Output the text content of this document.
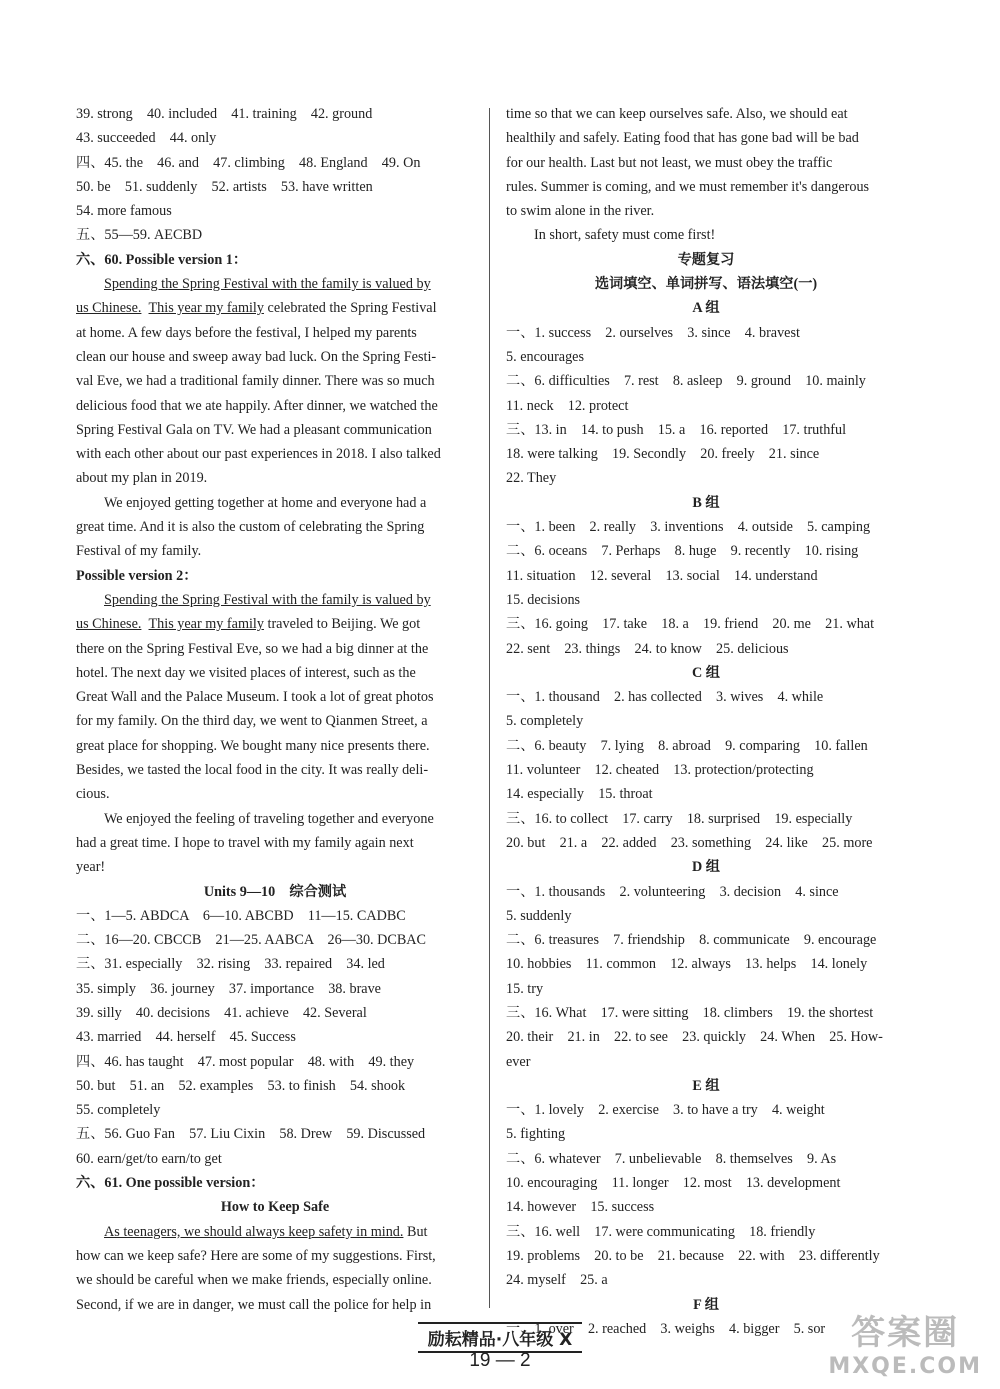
39. strong　40. included　41. training　42. ground
43. succeeded　44. only
四、45. the　46. and　47. climbing　48. England　49. On
50. be　51. suddenly　52. artists　53. have written
54. more famous
五、55—59. AECBD
六、60. Possible version 1：
Spending the Spring Festival with the family is valued by
us Chinese. This year my family celebrated the Spring Festival
at home. A few days before the festival, I helped my parents
clean our house and sweep away bad luck. On the Spring Festi-
val Eve, we had a traditional family dinner. There was so much
delicious food that we ate happily. After dinner, we watched the
Spring Festival Gala on TV. We had a pleasant communication
with each other about our past experiences in 2018. I also talked
about my plan in 2019.
We enjoyed getting together at home and everyone had a
great time. And it is also the custom of celebrating the Spring
Festival of my family.
Possible version 2：
Spending the Spring Festival with the family is valued by
us Chinese. This year my family traveled to Beijing. We got
there on the Spring Festival Eve, so we had a big dinner at the
hotel. The next day we visited places of interest, such as the
Great Wall and the Palace Museum. I took a lot of great photos
for my family. On the third day, we went to Qianmen Street, a
great place for shopping. We bought many nice presents there.
Besides, we tasted the local food in the city. It was really deli-
cious.
We enjoyed the feeling of traveling together and everyone
had a great time. I hope to travel with my family again next
year!
Units 9—10　综合测试
一、1—5. ABDCA　6—10. ABCBD　11—15. CADBC
二、16—20. CBCCB　21—25. AABCA　26—30. DCBAC
三、31. especially　32. rising　33. repaired　34. led
35. simply　36. journey　37. importance　38. brave
39. silly　40. decisions　41. achieve　42. Several
43. married　44. herself　45. Success
四、46. has taught　47. most popular　48. with　49. they
50. but　51. an　52. examples　53. to finish　54. shook
55. completely
五、56. Guo Fan　57. Liu Cixin　58. Drew　59. Discussed
60. earn/get/to earn/to get
六、61. One possible version：
How to Keep Safe
As teenagers, we should always keep safety in mind. But
how can we keep safe? Here are some of my suggestions. First,
we should be careful when we make friends, especially online.
Second, if we are in danger, we must call the police for help in
time so that we can keep ourselves safe. Also, we should eat
healthily and safely. Eating food that has gone bad will be bad
for our health. Last but not least, we must obey the traffic
rules. Summer is coming, and we must remember it's dangerous
to swim alone in the river.
In short, safety must come first!
专题复习
选词填空、单词拼写、语法填空(一)
A 组
一、1. success　2. ourselves　3. since　4. bravest
5. encourages
二、6. difficulties　7. rest　8. asleep　9. ground　10. mainly
11. neck　12. protect
三、13. in　14. to push　15. a　16. reported　17. truthful
18. were talking　19. Secondly　20. freely　21. since
22. They
B 组
一、1. been　2. really　3. inventions　4. outside　5. camping
二、6. oceans　7. Perhaps　8. huge　9. recently　10. rising
11. situation　12. several　13. social　14. understand
15. decisions
三、16. going　17. take　18. a　19. friend　20. me　21. what
22. sent　23. things　24. to know　25. delicious
C 组
一、1. thousand　2. has collected　3. wives　4. while
5. completely
二、6. beauty　7. lying　8. abroad　9. comparing　10. fallen
11. volunteer　12. cheated　13. protection/protecting
14. especially　15. throat
三、16. to collect　17. carry　18. surprised　19. especially
20. but　21. a　22. added　23. something　24. like　25. more
D 组
一、1. thousands　2. volunteering　3. decision　4. since
5. suddenly
二、6. treasures　7. friendship　8. communicate　9. encourage
10. hobbies　11. common　12. always　13. helps　14. lonely
15. try
三、16. What　17. were sitting　18. climbers　19. the shortest
20. their　21. in　22. to see　23. quickly　24. When　25. How-
ever
E 组
一、1. lovely　2. exercise　3. to have a try　4. weight
5. fighting
二、6. whatever　7. unbelievable　8. themselves　9. As
10. encouraging　11. longer　12. most　13. development
14. however　15. success
三、16. well　17. were communicating　18. friendly
19. problems　20. to be　21. because　22. with　23. differently
24. myself　25. a
F 组
一、1. over　2. reached　3. weighs　4. bigger　5. sor
励耘精品·八年级 X
19 — 2
答案圈
MXQE.COM
